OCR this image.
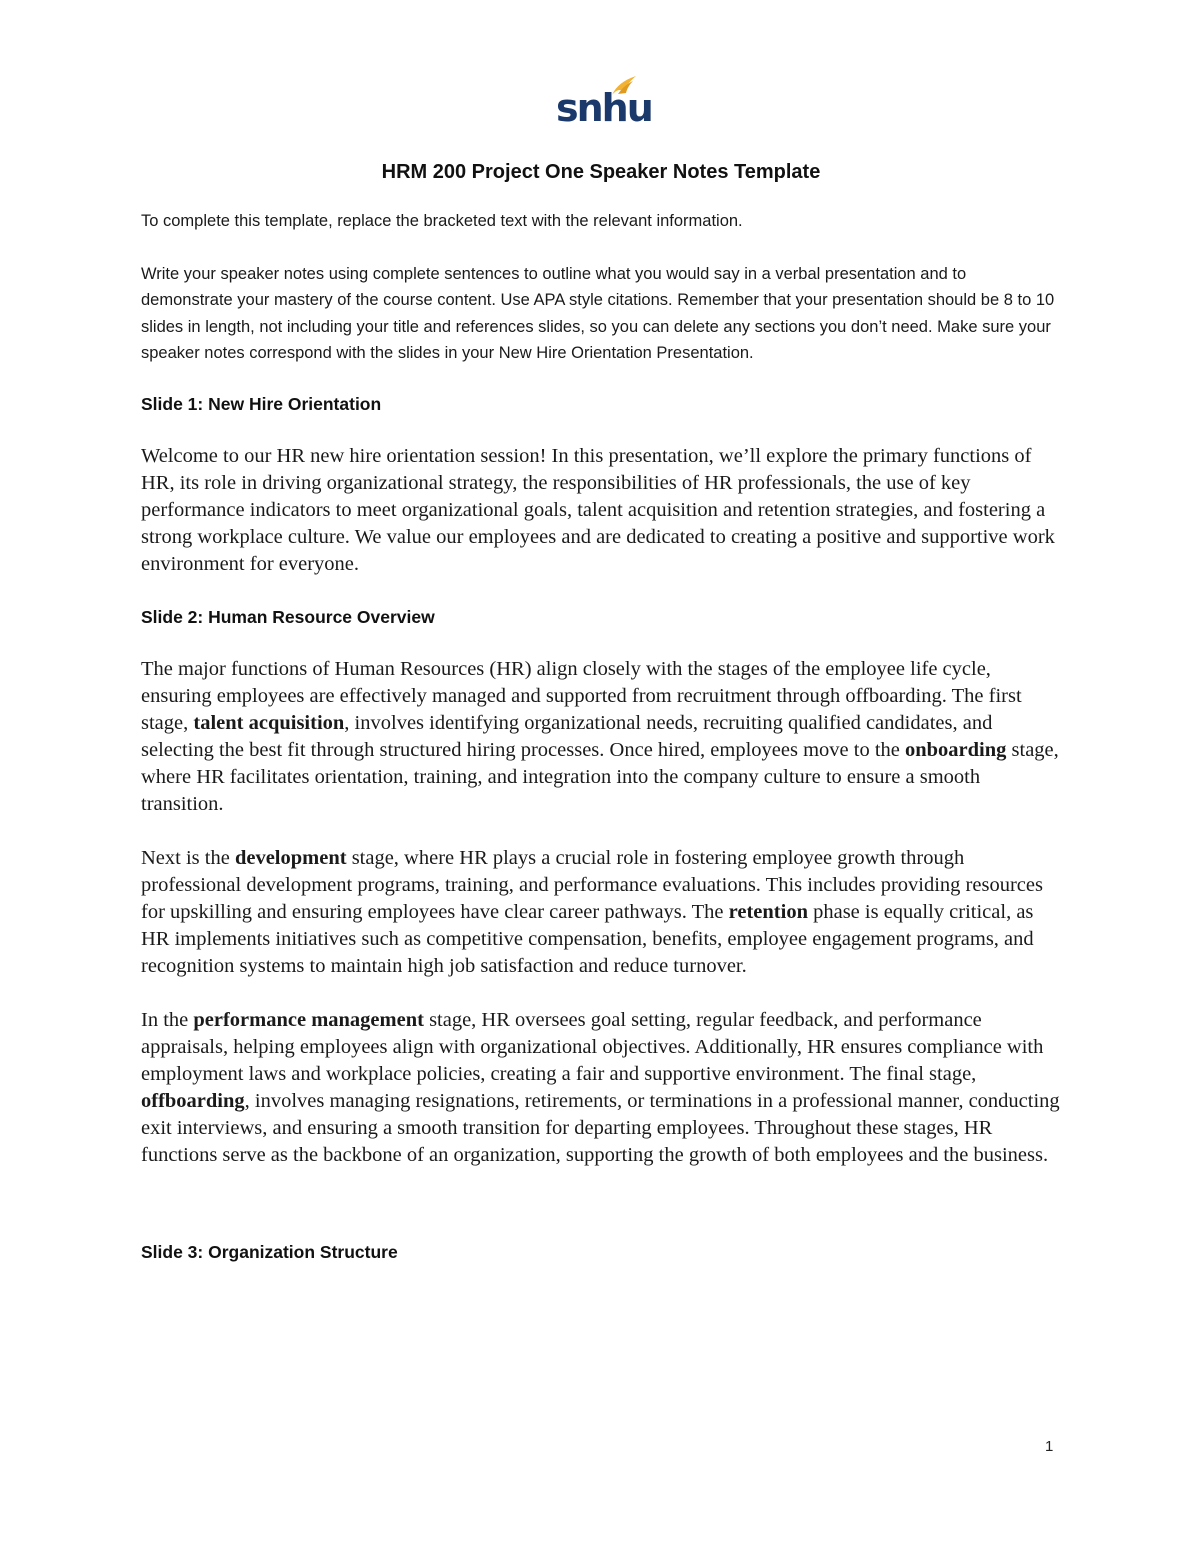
snhu
HRM 200 Project One Speaker Notes Template

To complete this template, replace the bracketed text with the relevant information.

Write your speaker notes using complete sentences to outline what you would say in a verbal presentation and to demonstrate your mastery of the course content. Use APA style citations. Remember that your presentation should be 8 to 10 slides in length, not including your title and references slides, so you can delete any sections you don’t need. Make sure your speaker notes correspond with the slides in your New Hire Orientation Presentation.

Slide 1: New Hire Orientation

Welcome to our HR new hire orientation session! In this presentation, we’ll explore the primary functions of HR, its role in driving organizational strategy, the responsibilities of HR professionals, the use of key performance indicators to meet organizational goals, talent acquisition and retention strategies, and fostering a strong workplace culture. We value our employees and are dedicated to creating a positive and supportive work environment for everyone.

Slide 2: Human Resource Overview

The major functions of Human Resources (HR) align closely with the stages of the employee life cycle, ensuring employees are effectively managed and supported from recruitment through offboarding. The first stage, talent acquisition, involves identifying organizational needs, recruiting qualified candidates, and selecting the best fit through structured hiring processes. Once hired, employees move to the onboarding stage, where HR facilitates orientation, training, and integration into the company culture to ensure a smooth transition.

Next is the development stage, where HR plays a crucial role in fostering employee growth through professional development programs, training, and performance evaluations. This includes providing resources for upskilling and ensuring employees have clear career pathways. The retention phase is equally critical, as HR implements initiatives such as competitive compensation, benefits, employee engagement programs, and recognition systems to maintain high job satisfaction and reduce turnover.

In the performance management stage, HR oversees goal setting, regular feedback, and performance appraisals, helping employees align with organizational objectives. Additionally, HR ensures compliance with employment laws and workplace policies, creating a fair and supportive environment. The final stage, offboarding, involves managing resignations, retirements, or terminations in a professional manner, conducting exit interviews, and ensuring a smooth transition for departing employees. Throughout these stages, HR functions serve as the backbone of an organization, supporting the growth of both employees and the business.

Slide 3: Organization Structure
1
